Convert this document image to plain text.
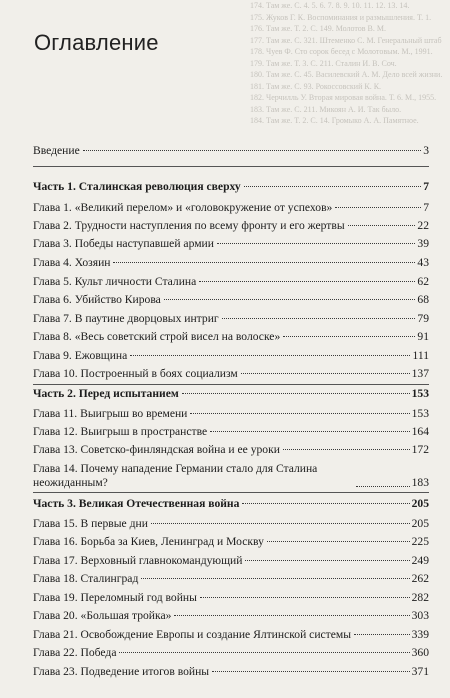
174. Там же. С. 4. 5. 6. 7. 8. 9. 10. 11. 12. 13. 14.
175. Жуков Г. К. Воспоминания и размышления. Т. 1.
176. Там же. Т. 2. С. 149. Молотов В. М.
177. Там же. С. 321. Штеменко С. М. Генеральный штаб
178. Чуев Ф. Сто сорок бесед с Молотовым. М., 1991.
179. Там же. Т. 3. С. 211. Сталин И. В. Соч.
180. Там же. С. 45. Василевский А. М. Дело всей жизни.
181. Там же. С. 93. Рокоссовский К. К.
182. Черчилль У. Вторая мировая война. Т. 6. М., 1955.
183. Там же. С. 211. Микоян А. И. Так было.
184. Там же. Т. 2. С. 14. Громыко А. А. Памятное.
Оглавление
Введение	3
Часть 1. Сталинская революция сверху	7
Глава 1. «Великий перелом» и «головокружение от успехов»	7
Глава 2. Трудности наступления по всему фронту и его жертвы	22
Глава 3. Победы наступавшей армии	39
Глава 4. Хозяин	43
Глава 5. Культ личности Сталина	62
Глава 6. Убийство Кирова	68
Глава 7. В паутине дворцовых интриг	79
Глава 8. «Весь советский строй висел на волоске»	91
Глава 9. Ежовщина	111
Глава 10. Построенный в боях социализм	137
Часть 2. Перед испытанием	153
Глава 11. Выигрыш во времени	153
Глава 12. Выигрыш в пространстве	164
Глава 13. Советско-финляндская война и ее уроки	172
Глава 14. Почему нападение Германии стало для Сталина неожиданным?	183
Часть 3. Великая Отечественная война	205
Глава 15. В первые дни	205
Глава 16. Борьба за Киев, Ленинград и Москву	225
Глава 17. Верховный главнокомандующий	249
Глава 18. Сталинград	262
Глава 19. Переломный год войны	282
Глава 20. «Большая тройка»	303
Глава 21. Освобождение Европы и создание Ялтинской системы	339
Глава 22. Победа	360
Глава 23. Подведение итогов войны	371
